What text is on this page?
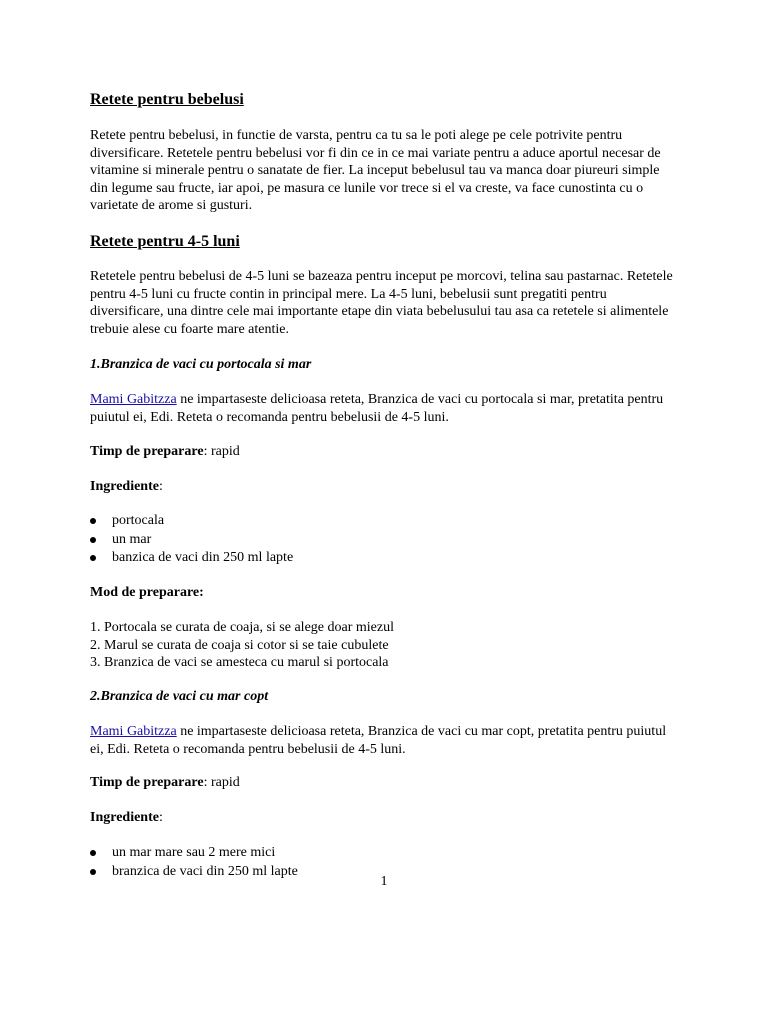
Retete pentru bebelusi

Retete pentru bebelusi, in functie de varsta, pentru ca tu sa le poti alege pe cele potrivite pentru diversificare. Retetele pentru bebelusi vor fi din ce in ce mai variate pentru a aduce aportul necesar de vitamine si minerale pentru o sanatate de fier. La inceput bebelusul tau va manca doar piureuri simple din legume sau fructe, iar apoi, pe masura ce lunile vor trece si el va creste, va face cunostinta cu o varietate de arome si gusturi.

Retete pentru 4-5 luni

Retetele pentru bebelusi de 4-5 luni se bazeaza pentru inceput pe morcovi, telina sau pastarnac. Retetele pentru 4-5 luni cu fructe contin in principal mere. La 4-5 luni, bebelusii sunt pregatiti pentru diversificare, una dintre cele mai importante etape din viata bebelusului tau asa ca retetele si alimentele trebuie alese cu foarte mare atentie.

1.Branzica de vaci cu portocala si mar

Mami Gabitzza ne impartaseste delicioasa reteta, Branzica de vaci cu portocala si mar, pretatita pentru puiutul ei, Edi. Reteta o recomanda pentru bebelusii de 4-5 luni.

Timp de preparare: rapid

Ingrediente:

portocala
un mar
banzica de vaci din 250 ml lapte

Mod de preparare:

1. Portocala se curata de coaja, si se alege doar miezul
2. Marul se curata de coaja si cotor si se taie cubulete
3. Branzica de vaci se amesteca cu marul si portocala

2.Branzica de vaci cu mar copt

Mami Gabitzza ne impartaseste delicioasa reteta, Branzica de vaci cu mar copt, pretatita pentru puiutul ei, Edi. Reteta o recomanda pentru bebelusii de 4-5 luni.

Timp de preparare: rapid

Ingrediente:

un mar mare sau 2 mere mici
branzica de vaci din 250 ml lapte
1
